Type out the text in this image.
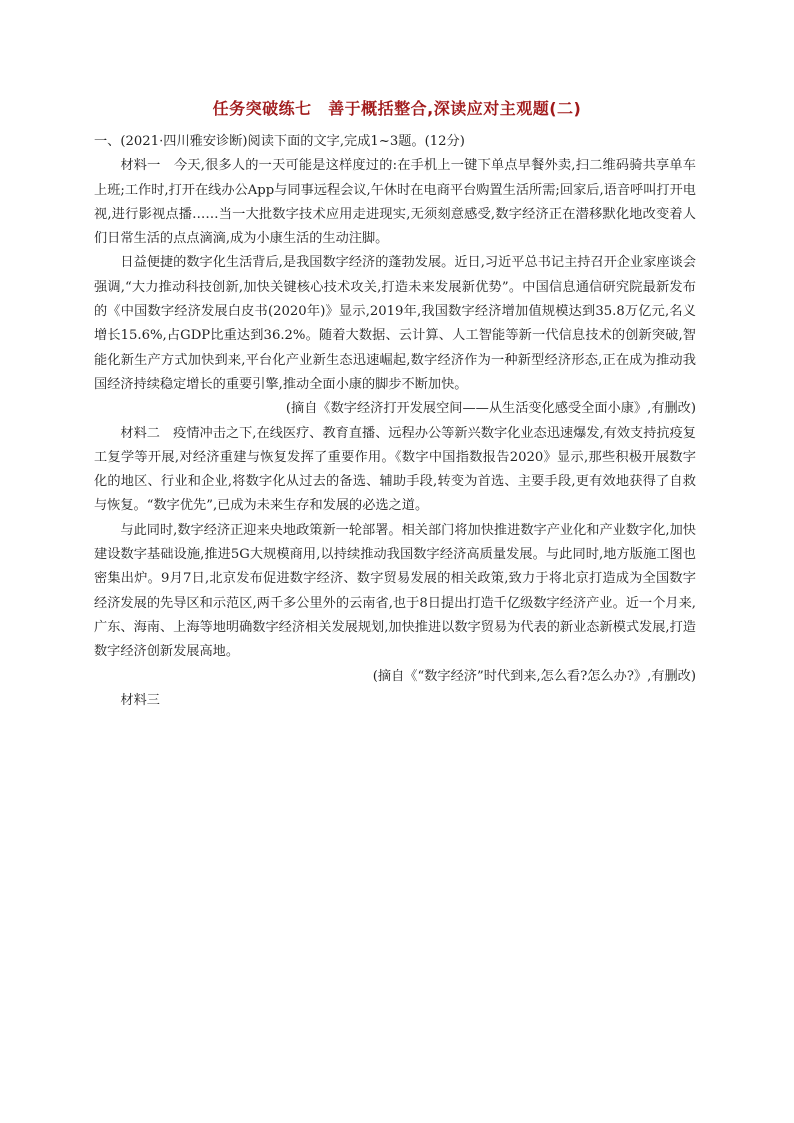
任务突破练七　善于概括整合,深读应对主观题(二)

一、(2021·四川雅安诊断)阅读下面的文字,完成1~3题。(12分)

材料一 今天,很多人的一天可能是这样度过的:在手机上一键下单点早餐外卖,扫二维码骑共享单车上班;工作时,打开在线办公App与同事远程会议,午休时在电商平台购置生活所需;回家后,语音呼叫打开电视,进行影视点播……当一大批数字技术应用走进现实,无须刻意感受,数字经济正在潜移默化地改变着人们日常生活的点点滴滴,成为小康生活的生动注脚。

日益便捷的数字化生活背后,是我国数字经济的蓬勃发展。近日,习近平总书记主持召开企业家座谈会强调,“大力推动科技创新,加快关键核心技术攻关,打造未来发展新优势”。中国信息通信研究院最新发布的《中国数字经济发展白皮书(2020年)》显示,2019年,我国数字经济增加值规模达到35.8万亿元,名义增长15.6%,占GDP比重达到36.2%。随着大数据、云计算、人工智能等新一代信息技术的创新突破,智能化新生产方式加快到来,平台化产业新生态迅速崛起,数字经济作为一种新型经济形态,正在成为推动我国经济持续稳定增长的重要引擎,推动全面小康的脚步不断加快。

(摘自《数字经济打开发展空间——从生活变化感受全面小康》,有删改)

材料二 疫情冲击之下,在线医疗、教育直播、远程办公等新兴数字化业态迅速爆发,有效支持抗疫复工复学等开展,对经济重建与恢复发挥了重要作用。《数字中国指数报告2020》显示,那些积极开展数字化的地区、行业和企业,将数字化从过去的备选、辅助手段,转变为首选、主要手段,更有效地获得了自救与恢复。“数字优先”,已成为未来生存和发展的必选之道。

与此同时,数字经济正迎来央地政策新一轮部署。相关部门将加快推进数字产业化和产业数字化,加快建设数字基础设施,推进5G大规模商用,以持续推动我国数字经济高质量发展。与此同时,地方版施工图也密集出炉。9月7日,北京发布促进数字经济、数字贸易发展的相关政策,致力于将北京打造成为全国数字经济发展的先导区和示范区,两千多公里外的云南省,也于8日提出打造千亿级数字经济产业。近一个月来,广东、海南、上海等地明确数字经济相关发展规划,加快推进以数字贸易为代表的新业态新模式发展,打造数字经济创新发展高地。

(摘自《“数字经济”时代到来,怎么看?怎么办?》,有删改)

材料三
